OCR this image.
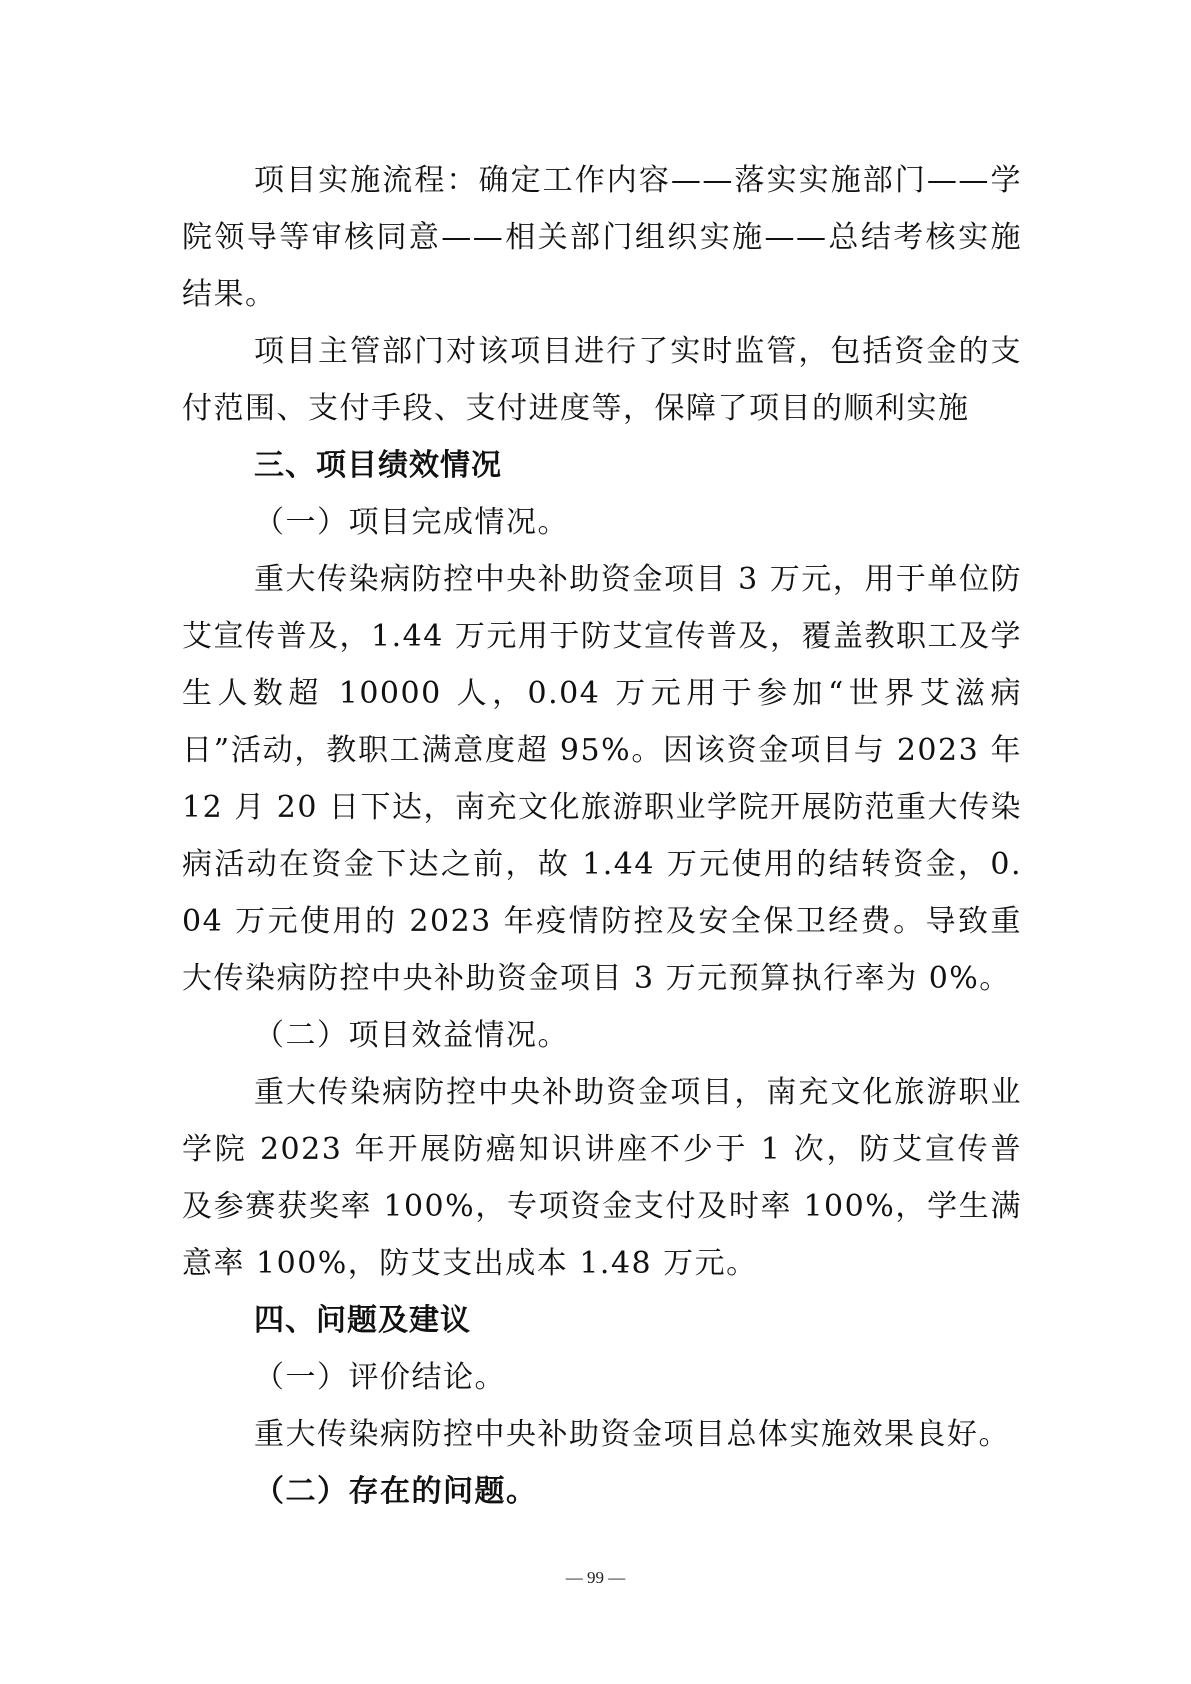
项目实施流程：确定工作内容——落实实施部门——学院领导等审核同意——相关部门组织实施——总结考核实施结果。

项目主管部门对该项目进行了实时监管，包括资金的支付范围、支付手段、支付进度等，保障了项目的顺利实施

三、项目绩效情况

（一）项目完成情况。

重大传染病防控中央补助资金项目 3 万元，用于单位防艾宣传普及，1.44 万元用于防艾宣传普及，覆盖教职工及学生人数超 10000 人，0.04 万元用于参加“世界艾滋病日”活动，教职工满意度超 95%。因该资金项目与 2023 年 12 月 20 日下达，南充文化旅游职业学院开展防范重大传染病活动在资金下达之前，故 1.44 万元使用的结转资金，0.04 万元使用的 2023 年疫情防控及安全保卫经费。导致重大传染病防控中央补助资金项目 3 万元预算执行率为 0%。

（二）项目效益情况。

重大传染病防控中央补助资金项目，南充文化旅游职业学院 2023 年开展防癌知识讲座不少于 1 次，防艾宣传普及参赛获奖率 100%，专项资金支付及时率 100%，学生满意率 100%，防艾支出成本 1.48 万元。

四、问题及建议

（一）评价结论。

重大传染病防控中央补助资金项目总体实施效果良好。

（二）存在的问题。

— 99 —
